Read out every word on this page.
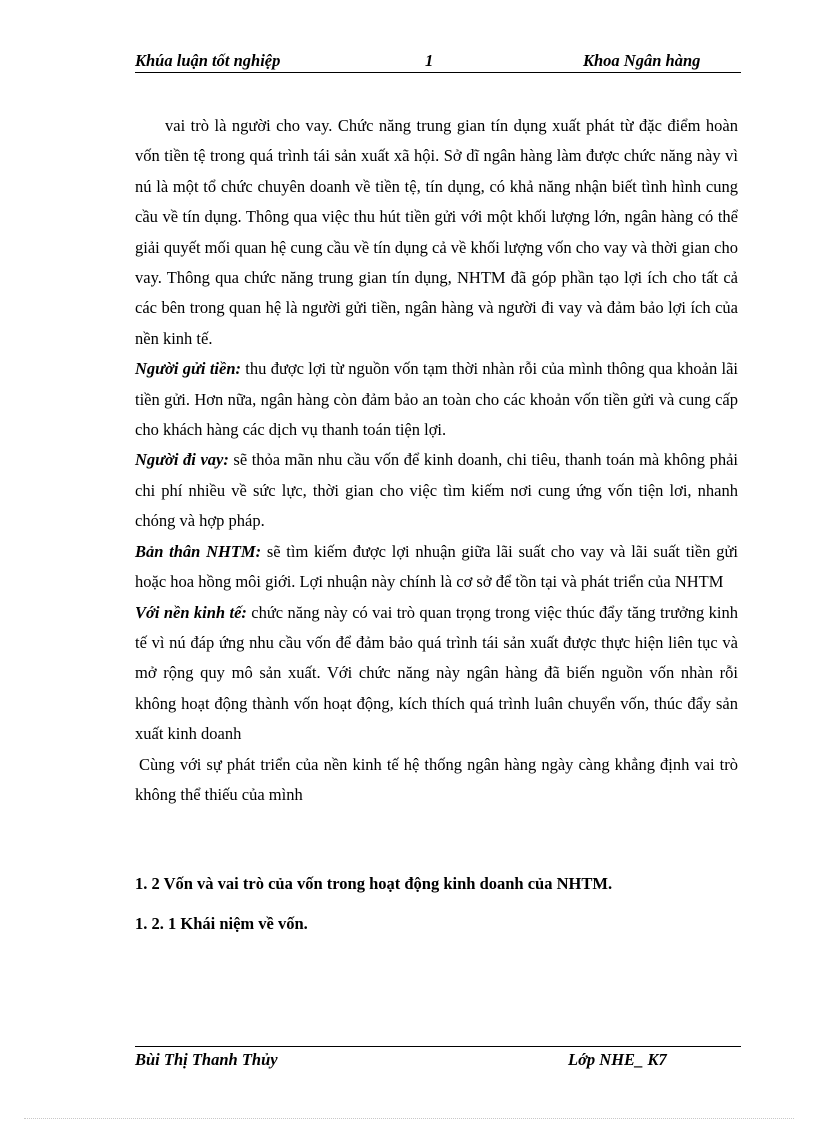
Khúa luận tốt nghiệp	1	Khoa Ngân hàng

vai trò là người cho vay. Chức năng trung gian tín dụng xuất phát từ đặc điểm hoàn vốn tiền tệ trong quá trình tái sản xuất xã hội. Sở dĩ ngân hàng làm được chức năng này vì nú là một tổ chức chuyên doanh về tiền tệ, tín dụng, có khả năng nhận biết tình hình cung cầu về tín dụng. Thông qua việc thu hút tiền gửi với một khối lượng lớn, ngân hàng có thể giải quyết mối quan hệ cung cầu về tín dụng cả về khối lượng vốn cho vay và thời gian cho vay. Thông qua chức năng trung gian tín dụng, NHTM đã góp phần tạo lợi ích cho tất cả các bên trong quan hệ là người gửi tiền, ngân hàng và người đi vay và đảm bảo lợi ích của nền kinh tế.

Người gửi tiền: thu được lợi từ nguồn vốn tạm thời nhàn rỗi của mình thông qua khoản lãi tiền gửi. Hơn nữa, ngân hàng còn đảm bảo an toàn cho các khoản vốn tiền gửi và cung cấp cho khách hàng các dịch vụ thanh toán tiện lợi.

Người đi vay: sẽ thỏa mãn nhu cầu vốn để kinh doanh, chi tiêu, thanh toán mà không phải chi phí nhiều về sức lực, thời gian cho việc tìm kiếm nơi cung ứng vốn tiện lơi, nhanh chóng và hợp pháp.

Bản thân NHTM: sẽ tìm kiếm được lợi nhuận giữa lãi suất cho vay và lãi suất tiền gửi hoặc hoa hồng môi giới. Lợi nhuận này chính là cơ sở để tồn tại và phát triển của NHTM

Với nền kinh tế: chức năng này có vai trò quan trọng trong việc thúc đẩy tăng trưởng kinh tế vì nú đáp ứng nhu cầu vốn để đảm bảo quá trình tái sản xuất được thực hiện liên tục và mở rộng quy mô sản xuất. Với chức năng này ngân hàng đã biến nguồn vốn nhàn rỗi không hoạt động thành vốn hoạt động, kích thích quá trình luân chuyển vốn, thúc đẩy sản xuất kinh doanh

Cùng với sự phát triển của nền kinh tế hệ thống ngân hàng ngày càng khẳng định vai trò không thể thiếu của mình

1. 2 Vốn và vai trò của vốn trong hoạt động kinh doanh của NHTM.
1. 2. 1 Khái niệm về vốn.
Bùi Thị Thanh Thủy	Lớp NHE_ K7
